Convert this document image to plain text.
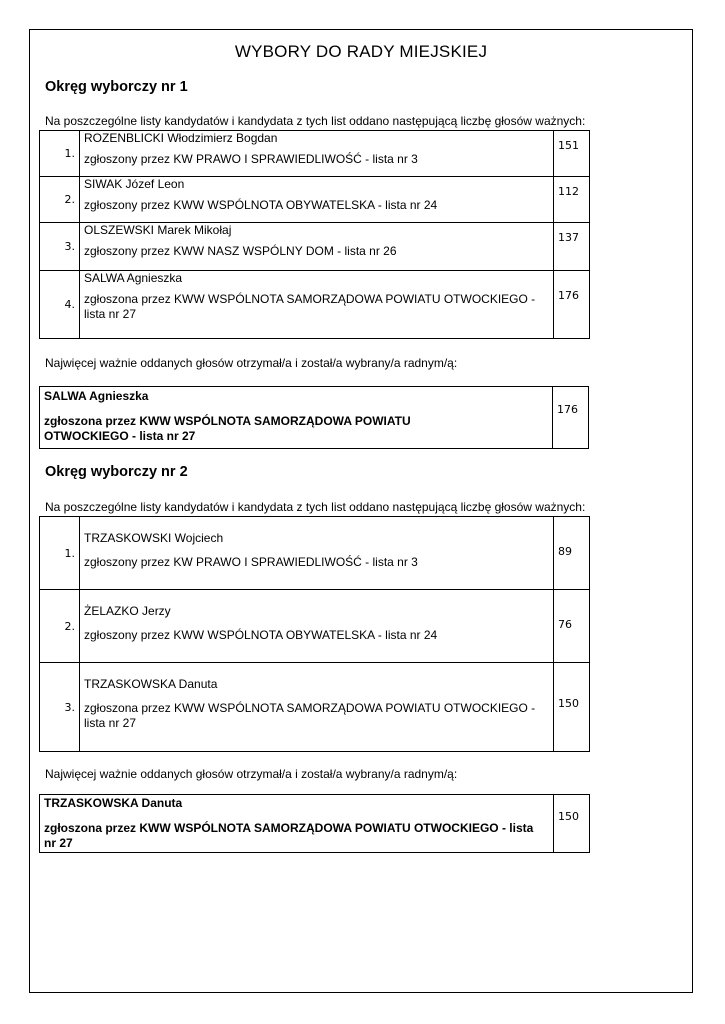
WYBORY DO RADY MIEJSKIEJ
Okręg wyborczy nr 1
Na poszczególne listy kandydatów i kandydata z tych list oddano następującą liczbę głosów ważnych:
1.	ROZENBLICKI Włodzimierz Bogdan
zgłoszony przez KW PRAWO I SPRAWIEDLIWOŚĆ - lista nr 3	151
2.	SIWAK Józef Leon
zgłoszony przez KWW WSPÓLNOTA OBYWATELSKA - lista nr 24	112
3.	OLSZEWSKI Marek Mikołaj
zgłoszony przez KWW NASZ WSPÓLNY DOM - lista nr 26	137
4.	SALWA Agnieszka
zgłoszona przez KWW WSPÓLNOTA SAMORZĄDOWA POWIATU OTWOCKIEGO - lista nr 27	176
Najwięcej ważnie oddanych głosów otrzymał/a i został/a wybrany/a radnym/ą:
SALWA Agnieszka
zgłoszona przez KWW WSPÓLNOTA SAMORZĄDOWA POWIATU OTWOCKIEGO - lista nr 27
	176
Okręg wyborczy nr 2
Na poszczególne listy kandydatów i kandydata z tych list oddano następującą liczbę głosów ważnych:
1.	TRZASKOWSKI Wojciech
zgłoszony przez KW PRAWO I SPRAWIEDLIWOŚĆ - lista nr 3	89
2.	ŻELAZKO Jerzy
zgłoszony przez KWW WSPÓLNOTA OBYWATELSKA - lista nr 24	76
3.	TRZASKOWSKA Danuta
zgłoszona przez KWW WSPÓLNOTA SAMORZĄDOWA POWIATU OTWOCKIEGO - lista nr 27	150
Najwięcej ważnie oddanych głosów otrzymał/a i został/a wybrany/a radnym/ą:
TRZASKOWSKA Danuta
zgłoszona przez KWW WSPÓLNOTA SAMORZĄDOWA POWIATU OTWOCKIEGO - lista nr 27
	150
